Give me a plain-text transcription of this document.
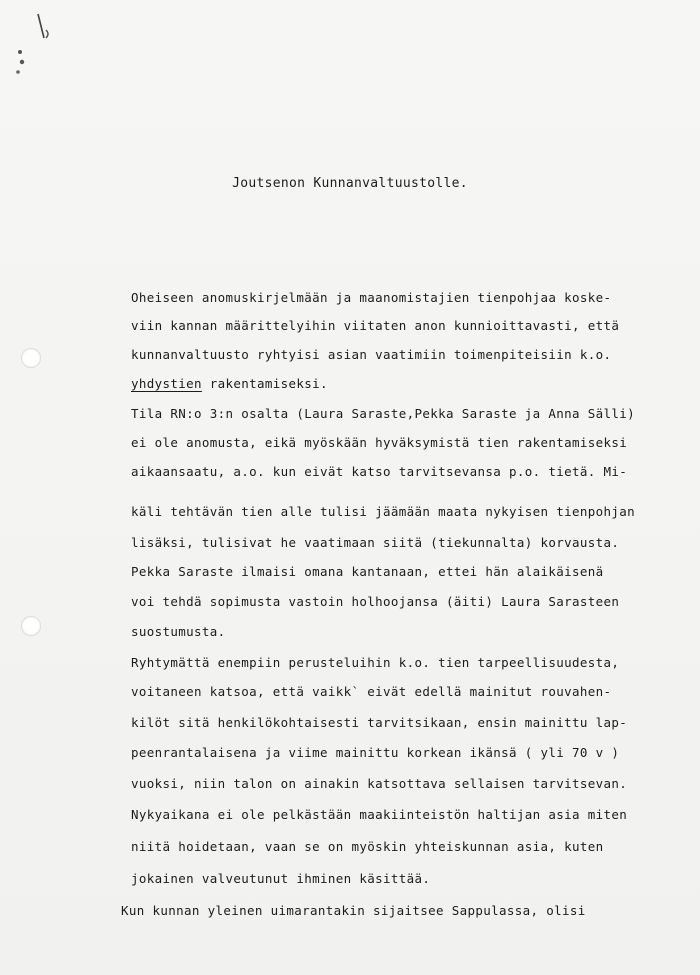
Joutsenon Kunnanvaltuustolle.
Oheiseen anomuskirjelmään ja maanomistajien tienpohjaa koske-
viin kannan määrittelyihin viitaten anon kunnioittavasti, että
kunnanvaltuusto ryhtyisi asian vaatimiin toimenpiteisiin k.o.
yhdystien rakentamiseksi.
Tila RN:o 3:n osalta (Laura Saraste,Pekka Saraste ja Anna Sälli)
ei ole anomusta, eikä myöskään hyväksymistä tien rakentamiseksi
aikaansaatu, a.o. kun eivät katso tarvitsevansa p.o. tietä. Mi-
käli tehtävän tien alle tulisi jäämään maata nykyisen tienpohjan
lisäksi, tulisivat he vaatimaan siitä (tiekunnalta) korvausta.
Pekka Saraste ilmaisi omana kantanaan, ettei hän alaikäisenä
voi tehdä sopimusta vastoin holhoojansa (äiti) Laura Sarasteen
suostumusta.
Ryhtymättä enempiin perusteluihin k.o. tien tarpeellisuudesta,
voitaneen katsoa, että vaikk` eivät edellä mainitut rouvahen-
kilöt sitä henkilökohtaisesti tarvitsikaan, ensin mainittu lap-
peenrantalaisena ja viime mainittu korkean ikänsä ( yli 70 v )
vuoksi, niin talon on ainakin katsottava sellaisen tarvitsevan.
Nykyaikana ei ole pelkästään maakiinteistön haltijan asia miten
niitä hoidetaan, vaan se on myöskin yhteiskunnan asia, kuten
jokainen valveutunut ihminen käsittää.
Kun kunnan yleinen uimarantakin sijaitsee Sappulassa, olisi
